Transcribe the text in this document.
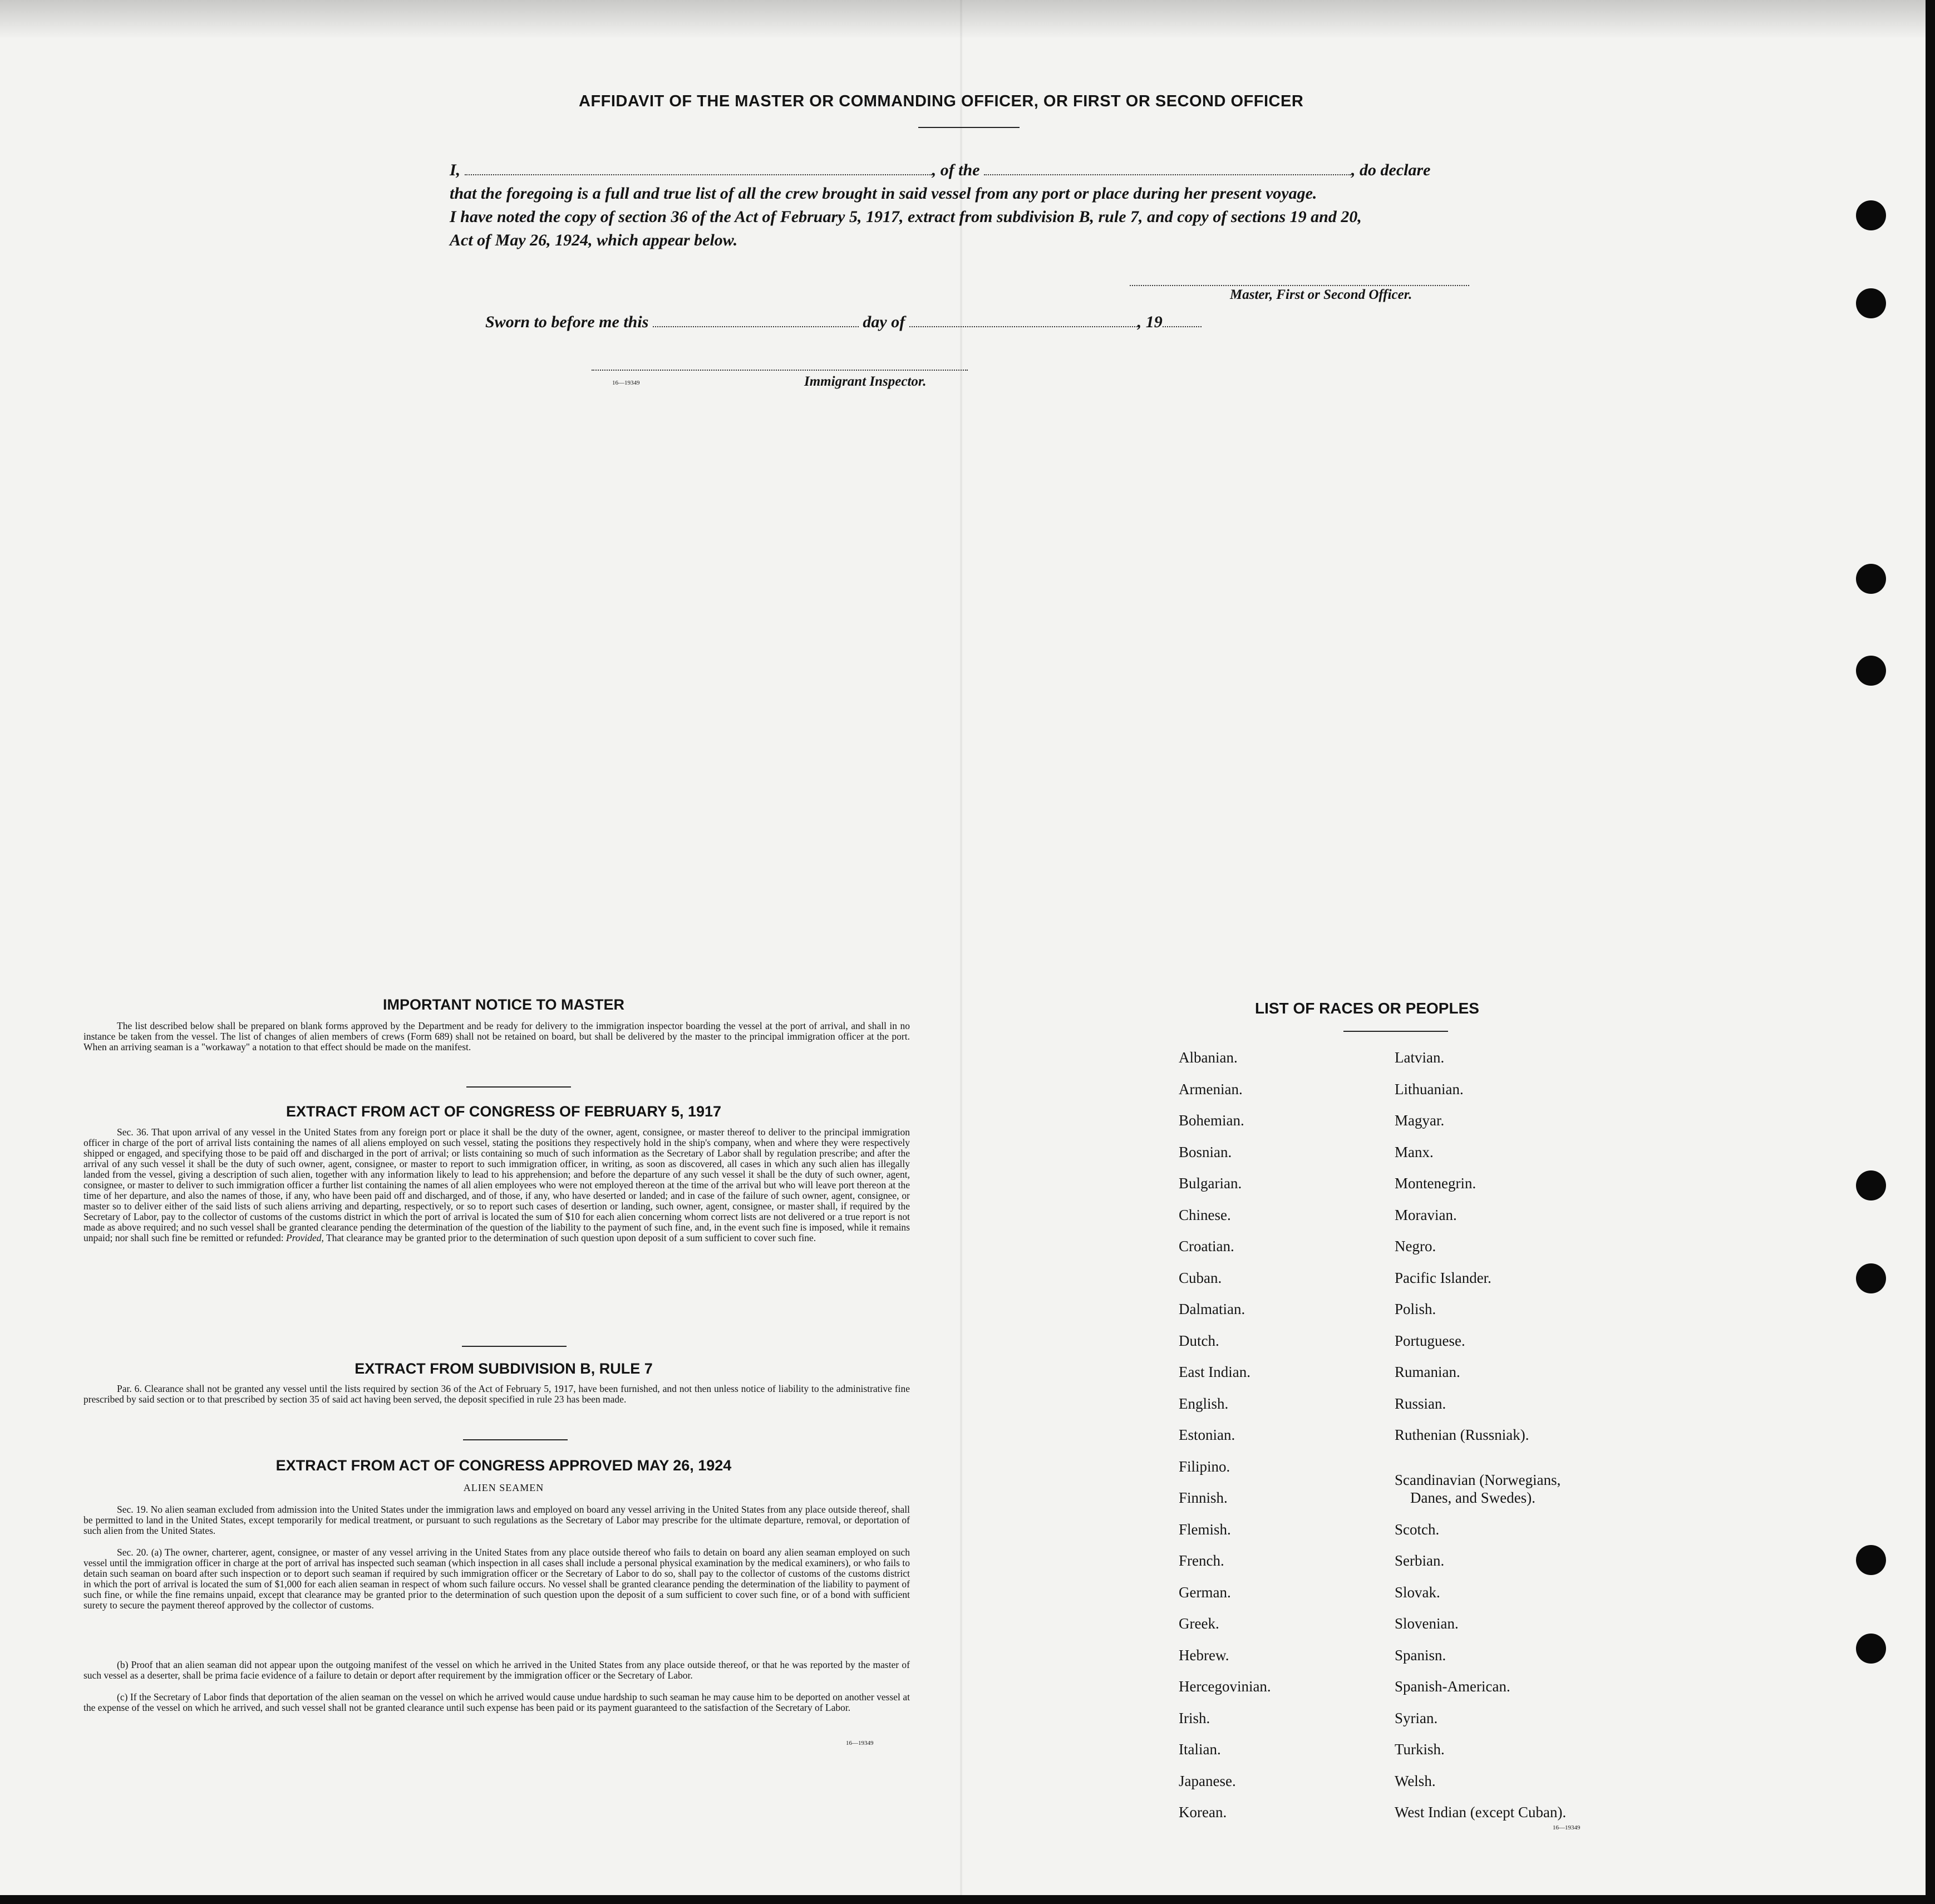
AFFIDAVIT OF THE MASTER OR COMMANDING OFFICER, OR FIRST OR SECOND OFFICER
I,	, of the	, do declare
that the foregoing is a full and true list of all the crew brought in said vessel from any port or place during her present voyage.
I have noted the copy of section 36 of the Act of February 5, 1917, extract from subdivision B, rule 7, and copy of sections 19 and 20,
Act of May 26, 1924, which appear below.
Master, First or Second Officer.
Sworn to before me this	day of	, 19
16—19349	Immigrant Inspector.
IMPORTANT NOTICE TO MASTER
The list described below shall be prepared on blank forms approved by the Department and be ready for delivery to the immigration inspector boarding the vessel at the port of arrival, and shall in no instance be taken from the vessel. The list of changes of alien members of crews (Form 689) shall not be retained on board, but shall be delivered by the master to the principal immigration officer at the port. When an arriving seaman is a "workaway" a notation to that effect should be made on the manifest.
EXTRACT FROM ACT OF CONGRESS OF FEBRUARY 5, 1917
Sec. 36. That upon arrival of any vessel in the United States from any foreign port or place it shall be the duty of the owner, agent, consignee, or master thereof to deliver to the principal immigration officer in charge of the port of arrival lists containing the names of all aliens employed on such vessel, stating the positions they respectively hold in the ship's company, when and where they were respectively shipped or engaged, and specifying those to be paid off and discharged in the port of arrival; or lists containing so much of such information as the Secretary of Labor shall by regulation prescribe; and after the arrival of any such vessel it shall be the duty of such owner, agent, consignee, or master to report to such immigration officer, in writing, as soon as discovered, all cases in which any such alien has illegally landed from the vessel, giving a description of such alien, together with any information likely to lead to his apprehension; and before the departure of any such vessel it shall be the duty of such owner, agent, consignee, or master to deliver to such immigration officer a further list containing the names of all alien employees who were not employed thereon at the time of the arrival but who will leave port thereon at the time of her departure, and also the names of those, if any, who have been paid off and discharged, and of those, if any, who have deserted or landed; and in case of the failure of such owner, agent, consignee, or master so to deliver either of the said lists of such aliens arriving and departing, respectively, or so to report such cases of desertion or landing, such owner, agent, consignee, or master shall, if required by the Secretary of Labor, pay to the collector of customs of the customs district in which the port of arrival is located the sum of $10 for each alien concerning whom correct lists are not delivered or a true report is not made as above required; and no such vessel shall be granted clearance pending the determination of the question of the liability to the payment of such fine, and, in the event such fine is imposed, while it remains unpaid; nor shall such fine be remitted or refunded: Provided, That clearance may be granted prior to the determination of such question upon deposit of a sum sufficient to cover such fine.
EXTRACT FROM SUBDIVISION B, RULE 7
Par. 6. Clearance shall not be granted any vessel until the lists required by section 36 of the Act of February 5, 1917, have been furnished, and not then unless notice of liability to the administrative fine prescribed by said section or to that prescribed by section 35 of said act having been served, the deposit specified in rule 23 has been made.
EXTRACT FROM ACT OF CONGRESS APPROVED MAY 26, 1924
ALIEN SEAMEN
Sec. 19. No alien seaman excluded from admission into the United States under the immigration laws and employed on board any vessel arriving in the United States from any place outside thereof, shall be permitted to land in the United States, except temporarily for medical treatment, or pursuant to such regulations as the Secretary of Labor may prescribe for the ultimate departure, removal, or deportation of such alien from the United States.
Sec. 20. (a) The owner, charterer, agent, consignee, or master of any vessel arriving in the United States from any place outside thereof who fails to detain on board any alien seaman employed on such vessel until the immigration officer in charge at the port of arrival has inspected such seaman (which inspection in all cases shall include a personal physical examination by the medical examiners), or who fails to detain such seaman on board after such inspection or to deport such seaman if required by such immigration officer or the Secretary of Labor to do so, shall pay to the collector of customs of the customs district in which the port of arrival is located the sum of $1,000 for each alien seaman in respect of whom such failure occurs. No vessel shall be granted clearance pending the determination of the liability to payment of such fine, or while the fine remains unpaid, except that clearance may be granted prior to the determination of such question upon the deposit of a sum sufficient to cover such fine, or of a bond with sufficient surety to secure the payment thereof approved by the collector of customs.
(b) Proof that an alien seaman did not appear upon the outgoing manifest of the vessel on which he arrived in the United States from any place outside thereof, or that he was reported by the master of such vessel as a deserter, shall be prima facie evidence of a failure to detain or deport after requirement by the immigration officer or the Secretary of Labor.
(c) If the Secretary of Labor finds that deportation of the alien seaman on the vessel on which he arrived would cause undue hardship to such seaman he may cause him to be deported on another vessel at the expense of the vessel on which he arrived, and such vessel shall not be granted clearance until such expense has been paid or its payment guaranteed to the satisfaction of the Secretary of Labor.
16—19349
LIST OF RACES OR PEOPLES
16—19349
Albanian.
Armenian.
Bohemian.
Bosnian.
Bulgarian.
Chinese.
Croatian.
Cuban.
Dalmatian.
Dutch.
East Indian.
English.
Estonian.
Filipino.
Finnish.
Flemish.
French.
German.
Greek.
Hebrew.
Hercegovinian.
Irish.
Italian.
Japanese.
Korean.
Latvian.
Lithuanian.
Magyar.
Manx.
Montenegrin.
Moravian.
Negro.
Pacific Islander.
Polish.
Portuguese.
Rumanian.
Russian.
Ruthenian (Russniak).
Scandinavian (Norwegians,
Danes, and Swedes).
Scotch.
Serbian.
Slovak.
Slovenian.
Spanisn.
Spanish-American.
Syrian.
Turkish.
Welsh.
West Indian (except Cuban).
